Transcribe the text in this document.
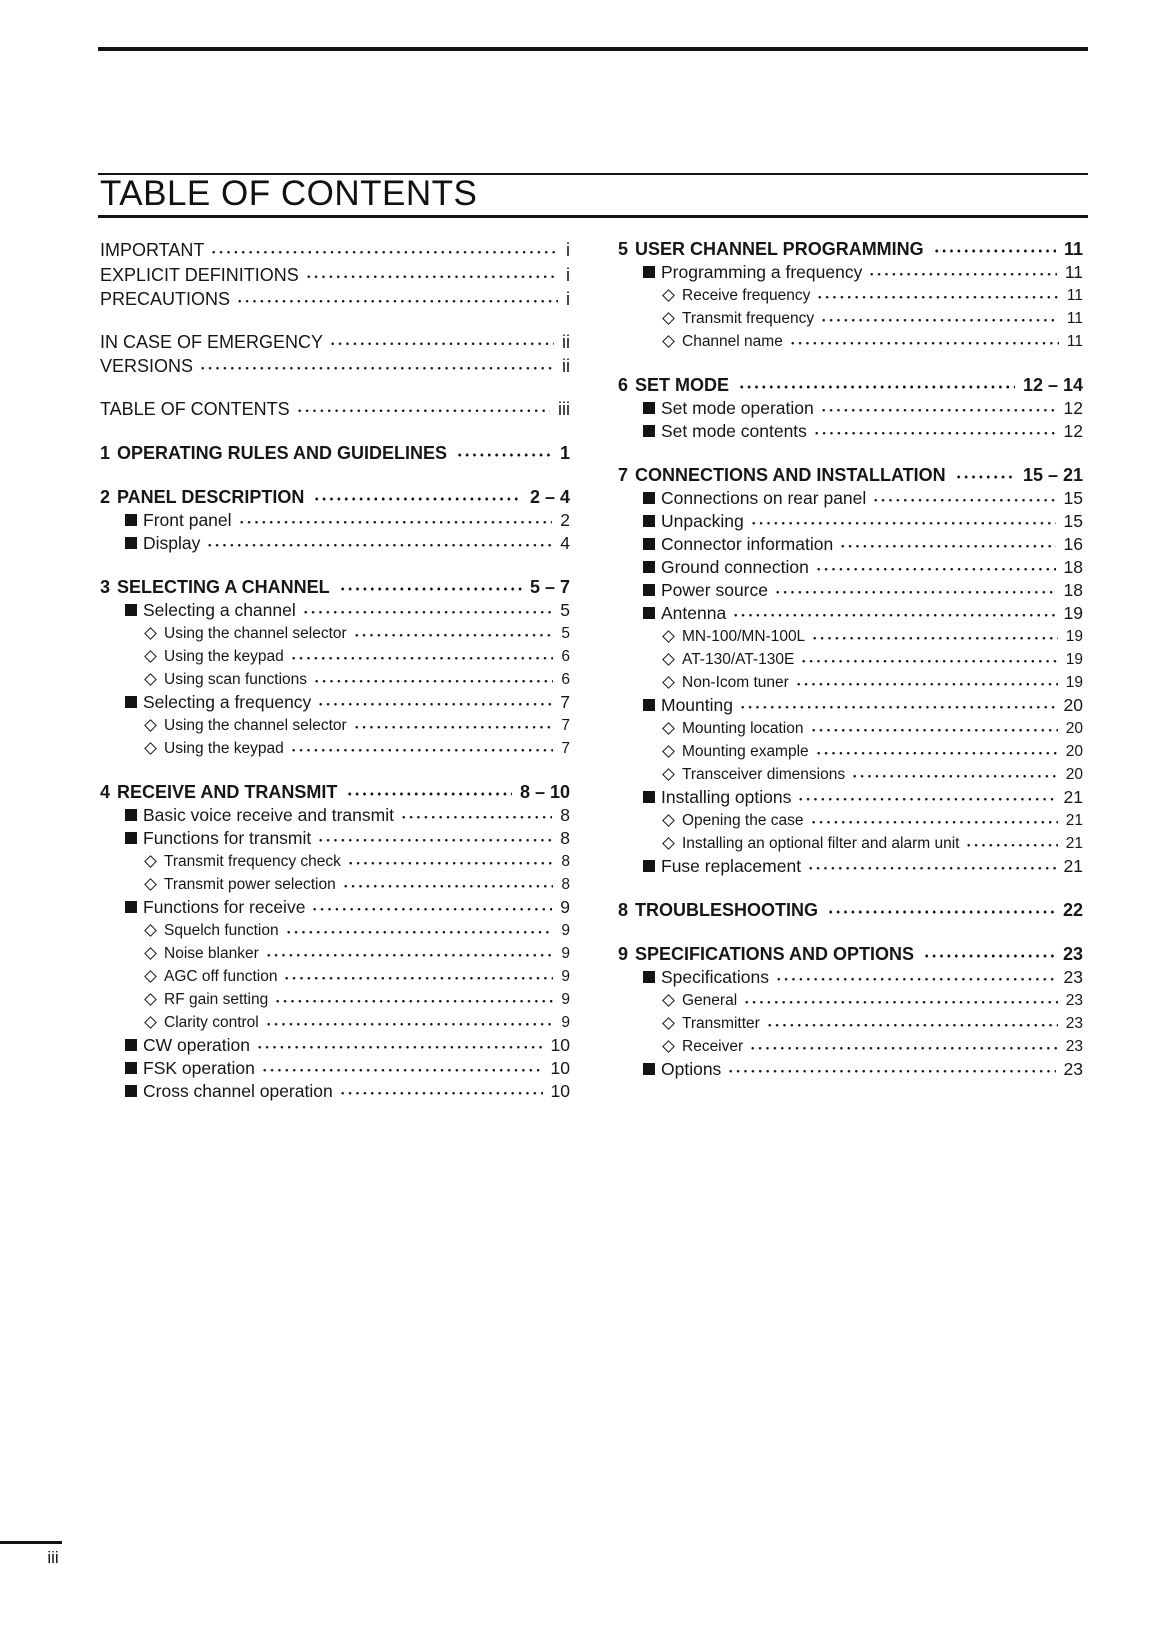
TABLE OF CONTENTS
IMPORTANT	i
EXPLICIT DEFINITIONS	i
PRECAUTIONS	i
IN CASE OF EMERGENCY	ii
VERSIONS	ii
TABLE OF CONTENTS	iii
1 OPERATING RULES AND GUIDELINES	1
2 PANEL DESCRIPTION	2 – 4
Front panel	2
Display	4
3 SELECTING A CHANNEL	5 – 7
Selecting a channel	5
Using the channel selector	5
Using the keypad	6
Using scan functions	6
Selecting a frequency	7
Using the channel selector	7
Using the keypad	7
4 RECEIVE AND TRANSMIT	8 – 10
Basic voice receive and transmit	8
Functions for transmit	8
Transmit frequency check	8
Transmit power selection	8
Functions for receive	9
Squelch function	9
Noise blanker	9
AGC off function	9
RF gain setting	9
Clarity control	9
CW operation	10
FSK operation	10
Cross channel operation	10
5 USER CHANNEL PROGRAMMING	11
Programming a frequency	11
Receive frequency	11
Transmit frequency	11
Channel name	11
6 SET MODE	12 – 14
Set mode operation	12
Set mode contents	12
7 CONNECTIONS AND INSTALLATION	15 – 21
Connections on rear panel	15
Unpacking	15
Connector information	16
Ground connection	18
Power source	18
Antenna	19
MN-100/MN-100L	19
AT-130/AT-130E	19
Non-Icom tuner	19
Mounting	20
Mounting location	20
Mounting example	20
Transceiver dimensions	20
Installing options	21
Opening the case	21
Installing an optional filter and alarm unit	21
Fuse replacement	21
8 TROUBLESHOOTING	22
9 SPECIFICATIONS AND OPTIONS	23
Specifications	23
General	23
Transmitter	23
Receiver	23
Options	23
iii
